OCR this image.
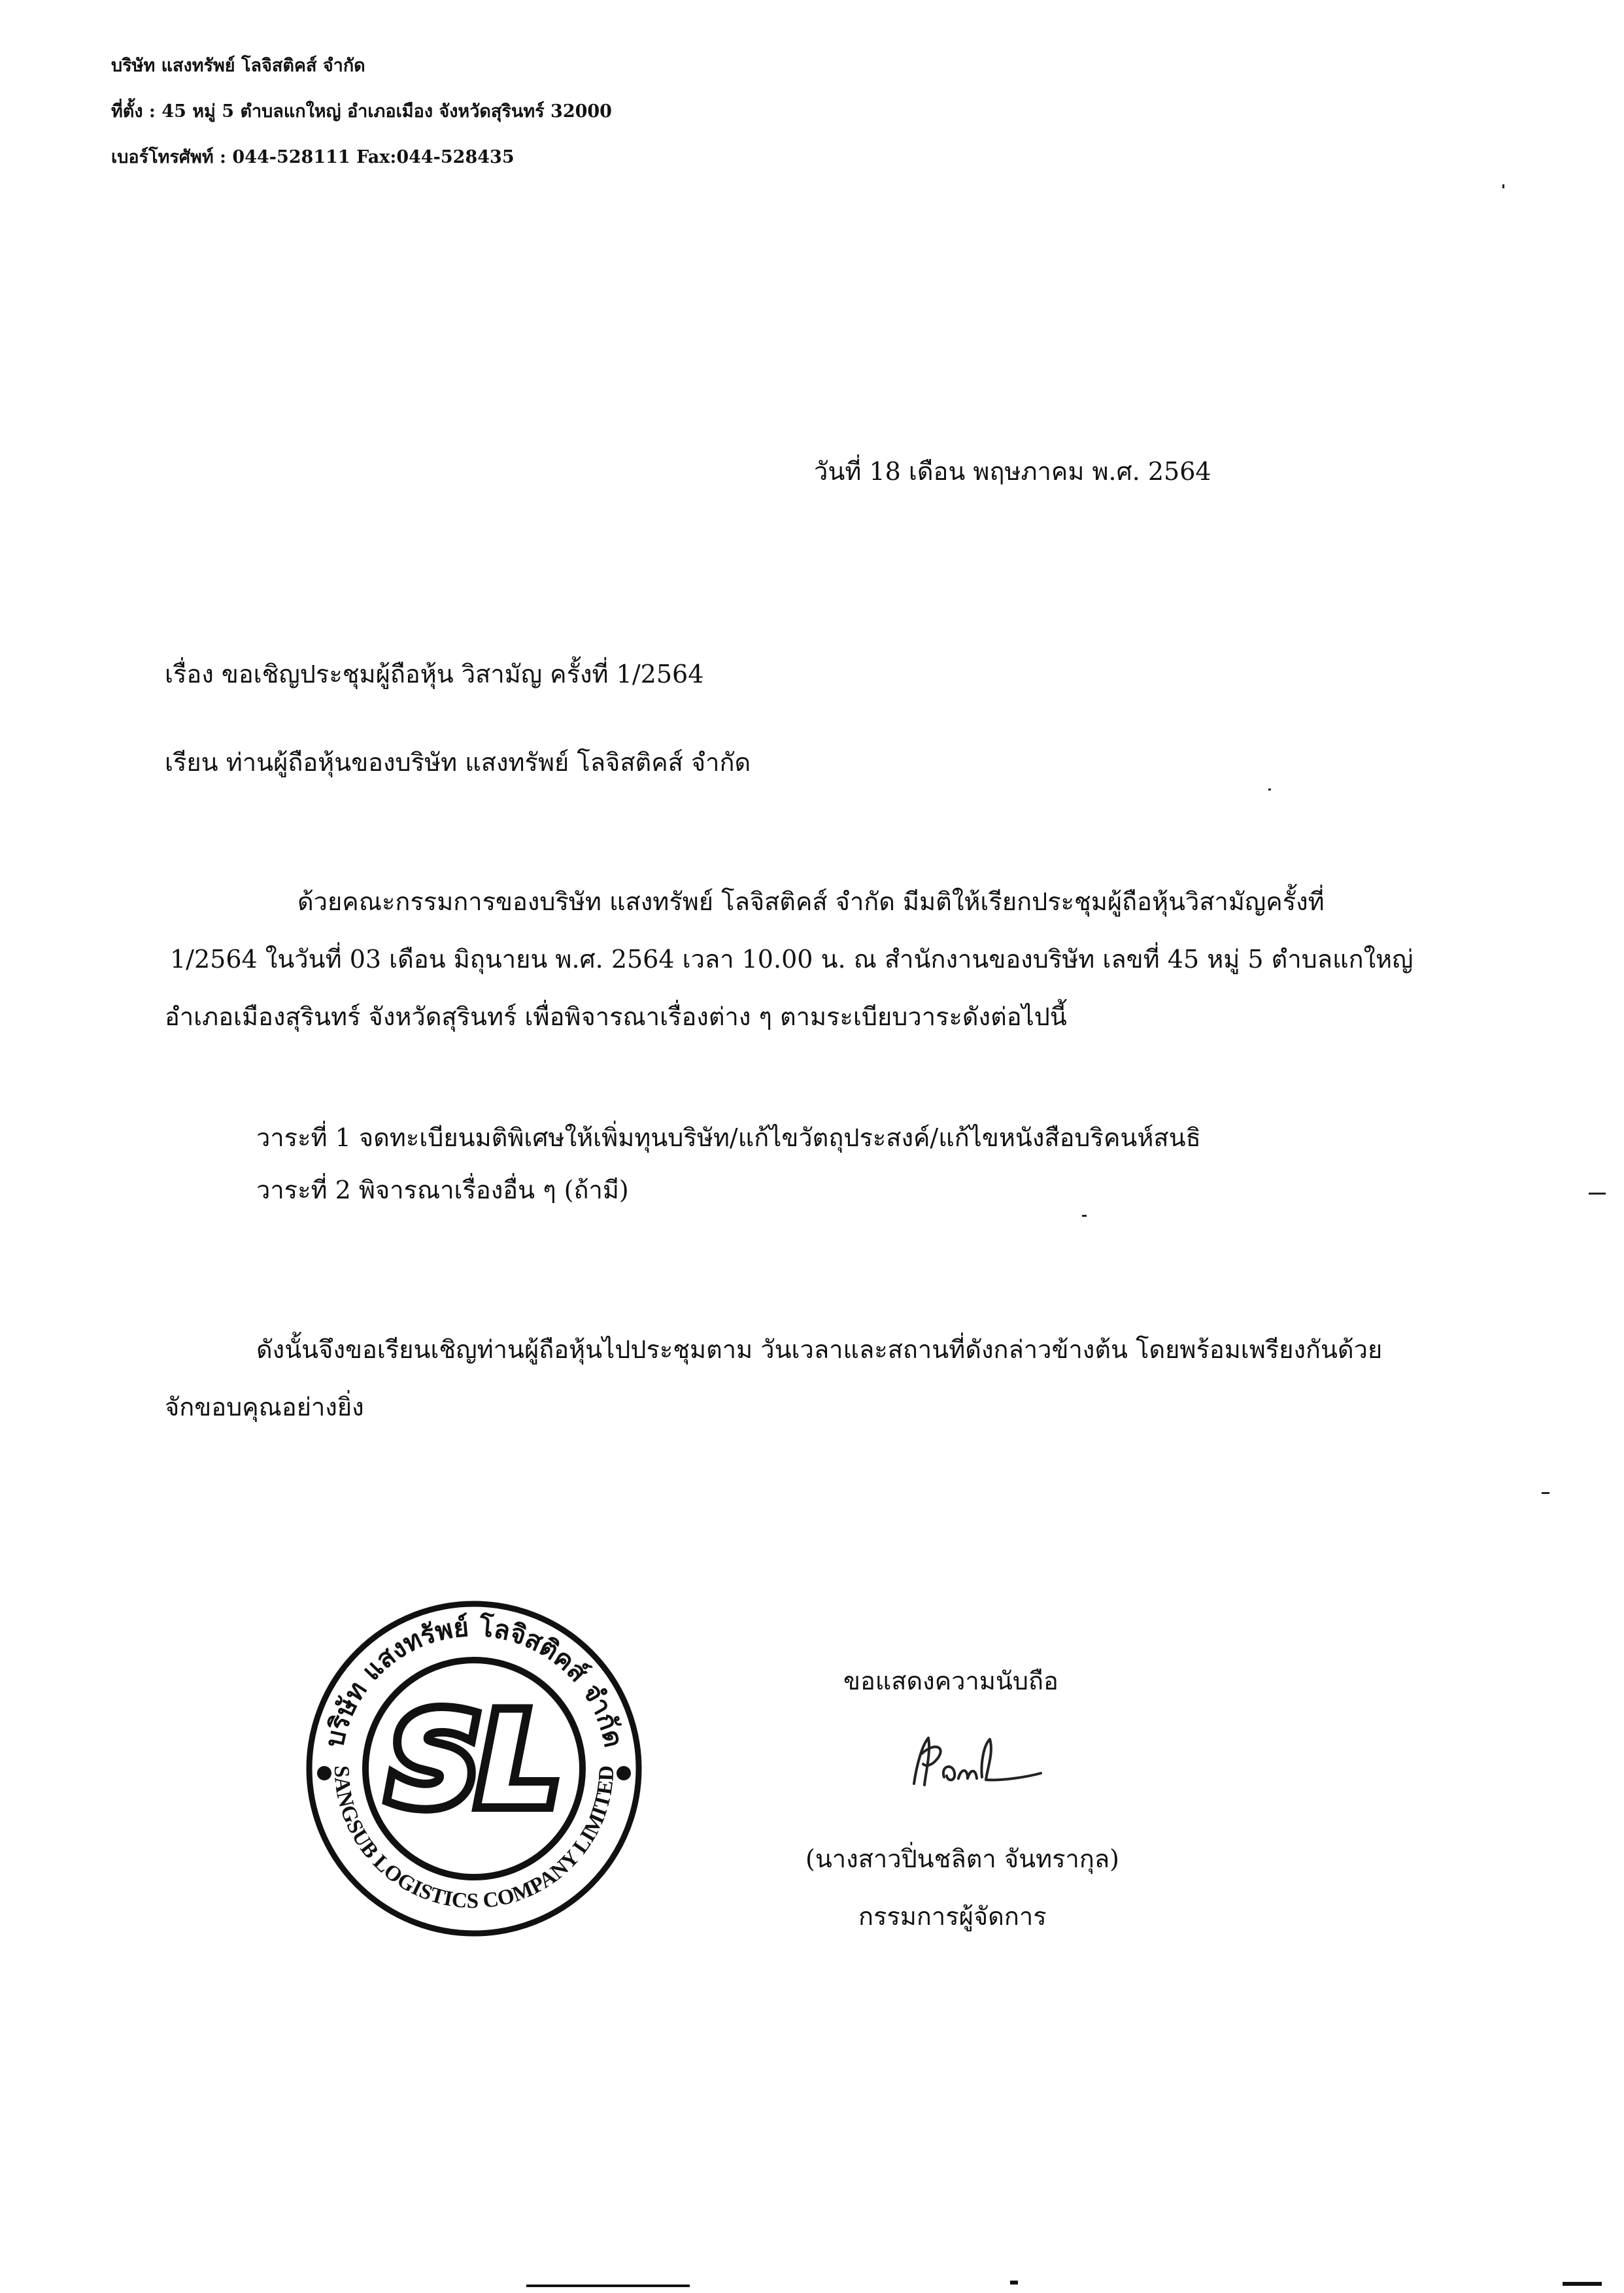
บริษัท แสงทรัพย์ โลจิสติคส์ จำกัด
ที่ตั้ง : 45 หมู่ 5 ตำบลแกใหญ่ อำเภอเมือง จังหวัดสุรินทร์ 32000
เบอร์โทรศัพท์ : 044-528111 Fax:044-528435
วันที่ 18 เดือน พฤษภาคม พ.ศ. 2564
เรื่อง ขอเชิญประชุมผู้ถือหุ้น วิสามัญ ครั้งที่ 1/2564
เรียน ท่านผู้ถือหุ้นของบริษัท แสงทรัพย์ โลจิสติคส์ จำกัด
ด้วยคณะกรรมการของบริษัท แสงทรัพย์ โลจิสติคส์ จำกัด มีมติให้เรียกประชุมผู้ถือหุ้นวิสามัญครั้งที่
1/2564 ในวันที่ 03 เดือน มิถุนายน พ.ศ. 2564 เวลา 10.00 น. ณ สำนักงานของบริษัท เลขที่ 45 หมู่ 5 ตำบลแกใหญ่
อำเภอเมืองสุรินทร์ จังหวัดสุรินทร์ เพื่อพิจารณาเรื่องต่าง ๆ ตามระเบียบวาระดังต่อไปนี้
วาระที่ 1 จดทะเบียนมติพิเศษให้เพิ่มทุนบริษัท/แก้ไขวัตถุประสงค์/แก้ไขหนังสือบริคนห์สนธิ
วาระที่ 2 พิจารณาเรื่องอื่น ๆ (ถ้ามี)
ดังนั้นจึงขอเรียนเชิญท่านผู้ถือหุ้นไปประชุมตาม วันเวลาและสถานที่ดังกล่าวข้างต้น โดยพร้อมเพรียงกันด้วย
จักขอบคุณอย่างยิ่ง
บริษัท แสงทรัพย์ โลจิสติคส์ จำกัด
SANGSUB LOGISTICS COMPANY LIMITED
SL
ขอแสดงความนับถือ
(นางสาวปิ่นชลิตา จันทรากุล)
กรรมการผู้จัดการ
